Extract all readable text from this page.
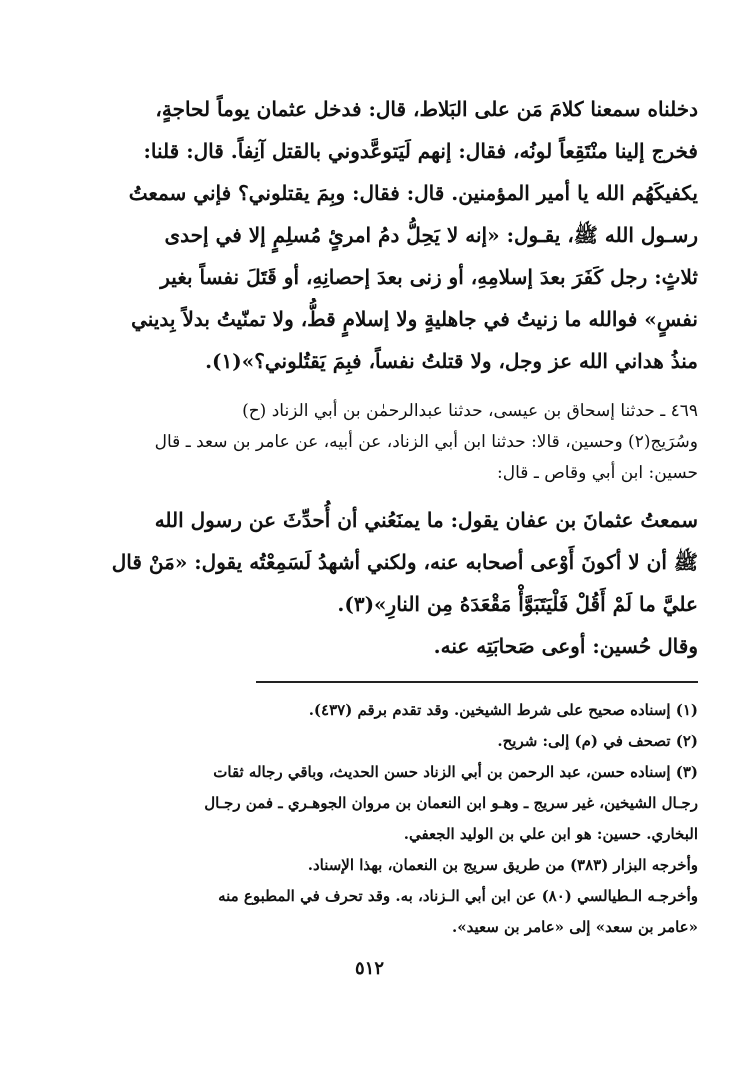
دخلناه سمعنا كلامَ مَن على البَلاط، قال: فدخل عثمان يوماً لحاجةٍ،
فخرج إلينا منْتَقِعاً لونُه، فقال: إنهم لَيَتوعَّدوني بالقتل آنِفاً. قال: قلنا:
يكفيكَهُم الله يا أمير المؤمنين. قال: فقال: وبِمَ يقتلوني؟ فإني سمعتُ
رسـول الله ﷺ، يقـول: «إنه لا يَحِلُّ دمُ امرئٍ مُسلِمٍ إلا في إحدى
ثلاثٍ: رجل كَفَرَ بعدَ إسلامِهِ، أو زنى بعدَ إحصانِهِ، أو قَتَلَ نفساً بغير
نفسٍ» فوالله ما زنيتُ في جاهليةٍ ولا إسلامٍ قطُّ، ولا تمنّيتُ بدلاً بِديني
منذُ هداني الله عز وجل، ولا قتلتُ نفساً، فبِمَ يَقتُلوني؟»(١).
٤٦٩ ـ حدثنا إسحاق بن عيسى، حدثنا عبدالرحمٰن بن أبي الزناد (ح)
وسُرَيج(٢) وحسين، قالا: حدثنا ابن أبي الزناد، عن أبيه، عن عامر بن سعد ـ قال
حسين: ابن أبي وقاص ـ قال:
سمعتُ عثمانَ بن عفان يقول: ما يمنَعُني أن أُحدِّثَ عن رسول الله
ﷺ أن لا أكونَ أَوْعى أصحابه عنه، ولكني أشهدُ لَسَمِعْتُه يقول: «مَنْ قال
عليَّ ما لَمْ أَقُلْ فَلْيَتَبَوَّأْ مَقْعَدَهُ مِن النارِ»(٣).
وقال حُسين: أوعى صَحابَتِه عنه.
(١) إسناده صحيح على شرط الشيخين. وقد تقدم برقم (٤٣٧).
(٢) تصحف في (م) إلى: شريح.
(٣) إسناده حسن، عبد الرحمن بن أبي الزناد حسن الحديث، وباقي رجاله ثقات
رجـال الشيخين، غير سريج ـ وهـو ابن النعمان بن مروان الجوهـري ـ فمن رجـال
البخاري. حسين: هو ابن علي بن الوليد الجعفي.
وأخرجه البزار (٣٨٣) من طريق سريج بن النعمان، بهذا الإسناد.
وأخرجـه الـطيالسي (٨٠) عن ابن أبي الـزناد، به. وقد تحرف في المطبوع منه
«عامر بن سعد» إلى «عامر بن سعيد».
٥١٢
